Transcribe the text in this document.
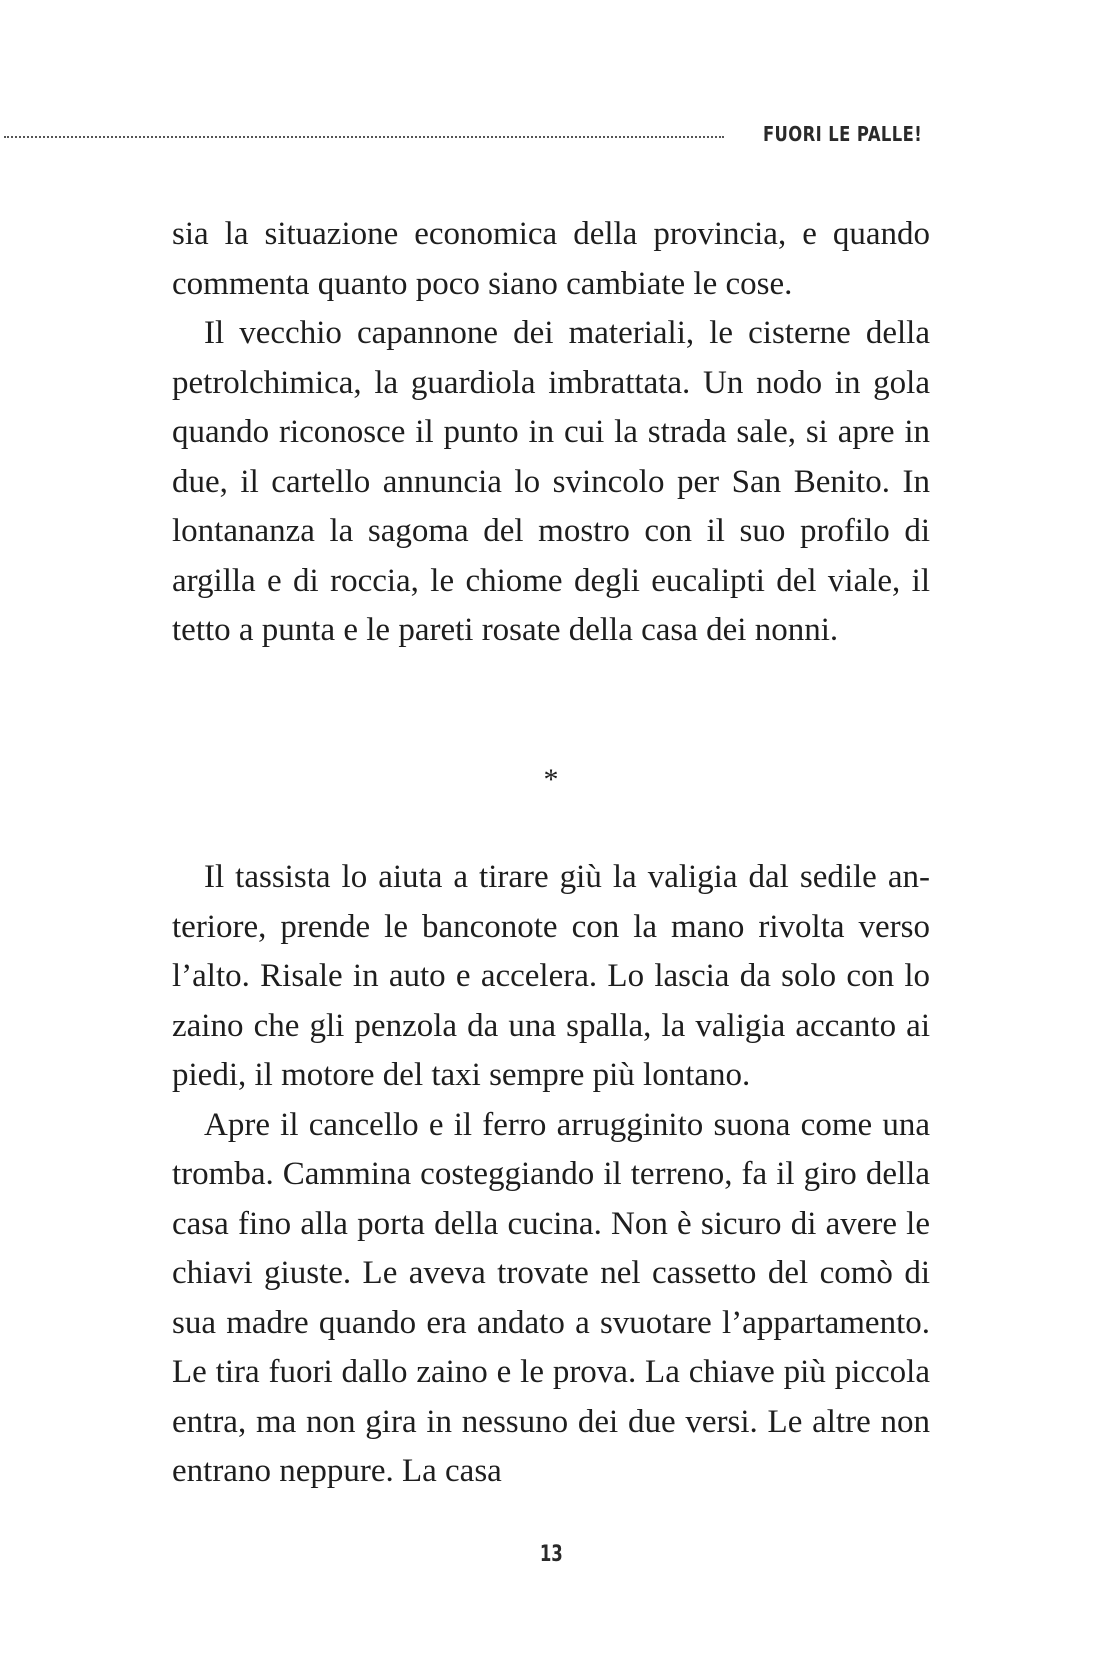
FUORI LE PALLE!

sia la situazione economica della provincia, e quando commenta quanto poco siano cambiate le cose.

Il vecchio capannone dei materiali, le cisterne della petrolchimica, la guardiola imbrattata. Un nodo in gola quando riconosce il punto in cui la strada sale, si apre in due, il cartello annuncia lo svincolo per San Benito. In lontananza la sagoma del mostro con il suo profilo di argilla e di roccia, le chiome degli eucalipti del viale, il tetto a punta e le pareti rosate della casa dei nonni.

*

Il tassista lo aiuta a tirare giù la valigia dal sedile anteriore, prende le banconote con la mano rivolta verso l’alto. Risale in auto e accelera. Lo lascia da solo con lo zaino che gli penzola da una spalla, la valigia accanto ai piedi, il motore del taxi sempre più lontano.

Apre il cancello e il ferro arrugginito suona come una tromba. Cammina costeggiando il terreno, fa il giro della casa fino alla porta della cucina. Non è sicuro di avere le chiavi giuste. Le aveva trovate nel cassetto del comò di sua madre quando era andato a svuotare l’appartamento. Le tira fuori dallo zaino e le prova. La chiave più piccola entra, ma non gira in nessuno dei due versi. Le altre non entrano neppure. La casa

13
